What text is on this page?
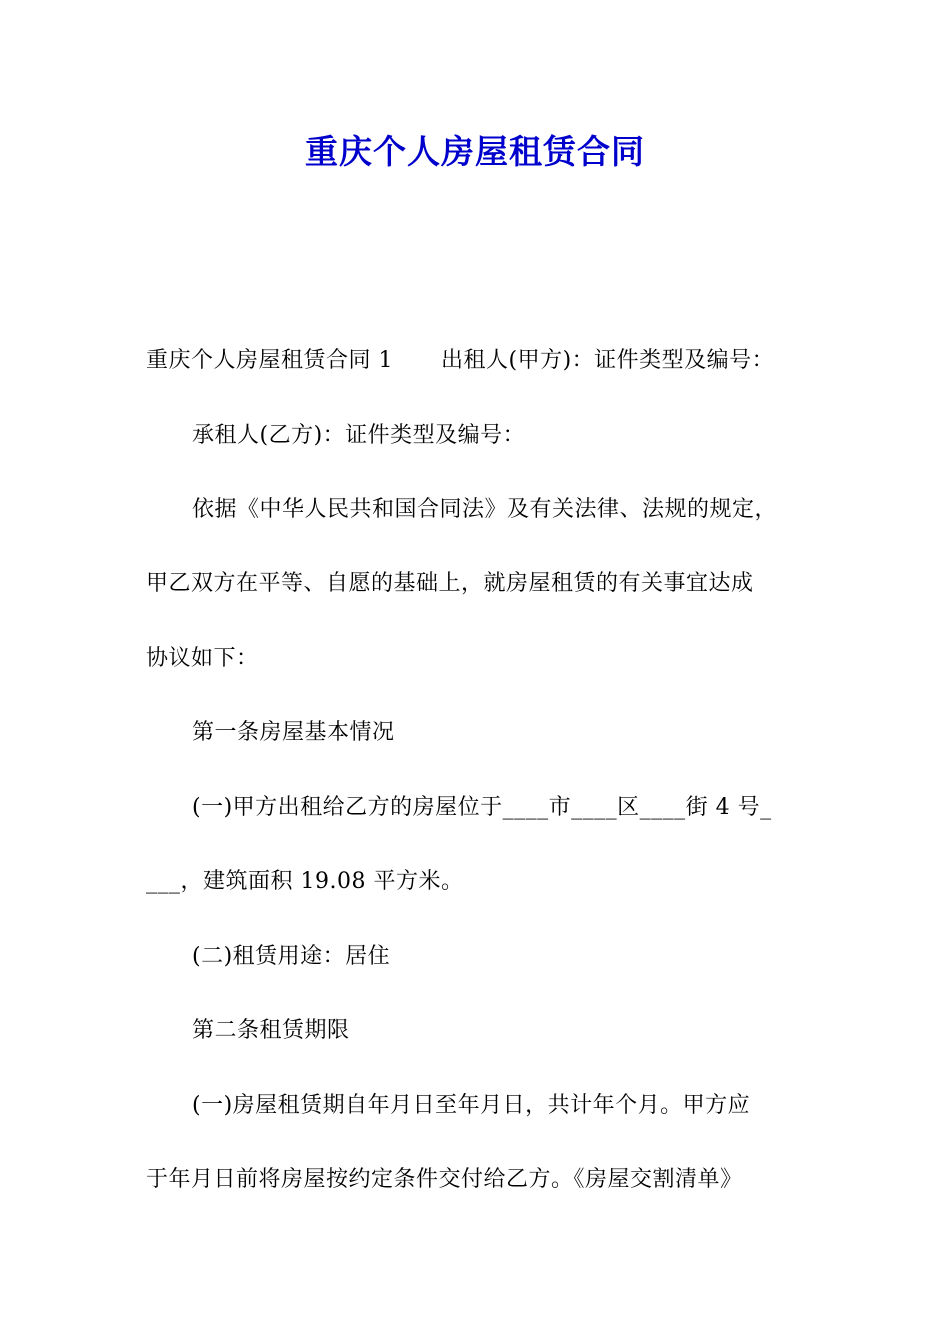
重庆个人房屋租赁合同
重庆个人房屋租赁合同 1 出租人(甲方)：证件类型及编号：
承租人(乙方)：证件类型及编号：
依据《中华人民共和国合同法》及有关法律、法规的规定，
甲乙双方在平等、自愿的基础上，就房屋租赁的有关事宜达成
协议如下：
第一条房屋基本情况
(一)甲方出租给乙方的房屋位于____市____区____街 4 号_
___，建筑面积 19.08 平方米。
(二)租赁用途：居住
第二条租赁期限
(一)房屋租赁期自年月日至年月日，共计年个月。甲方应
于年月日前将房屋按约定条件交付给乙方。《房屋交割清单》
